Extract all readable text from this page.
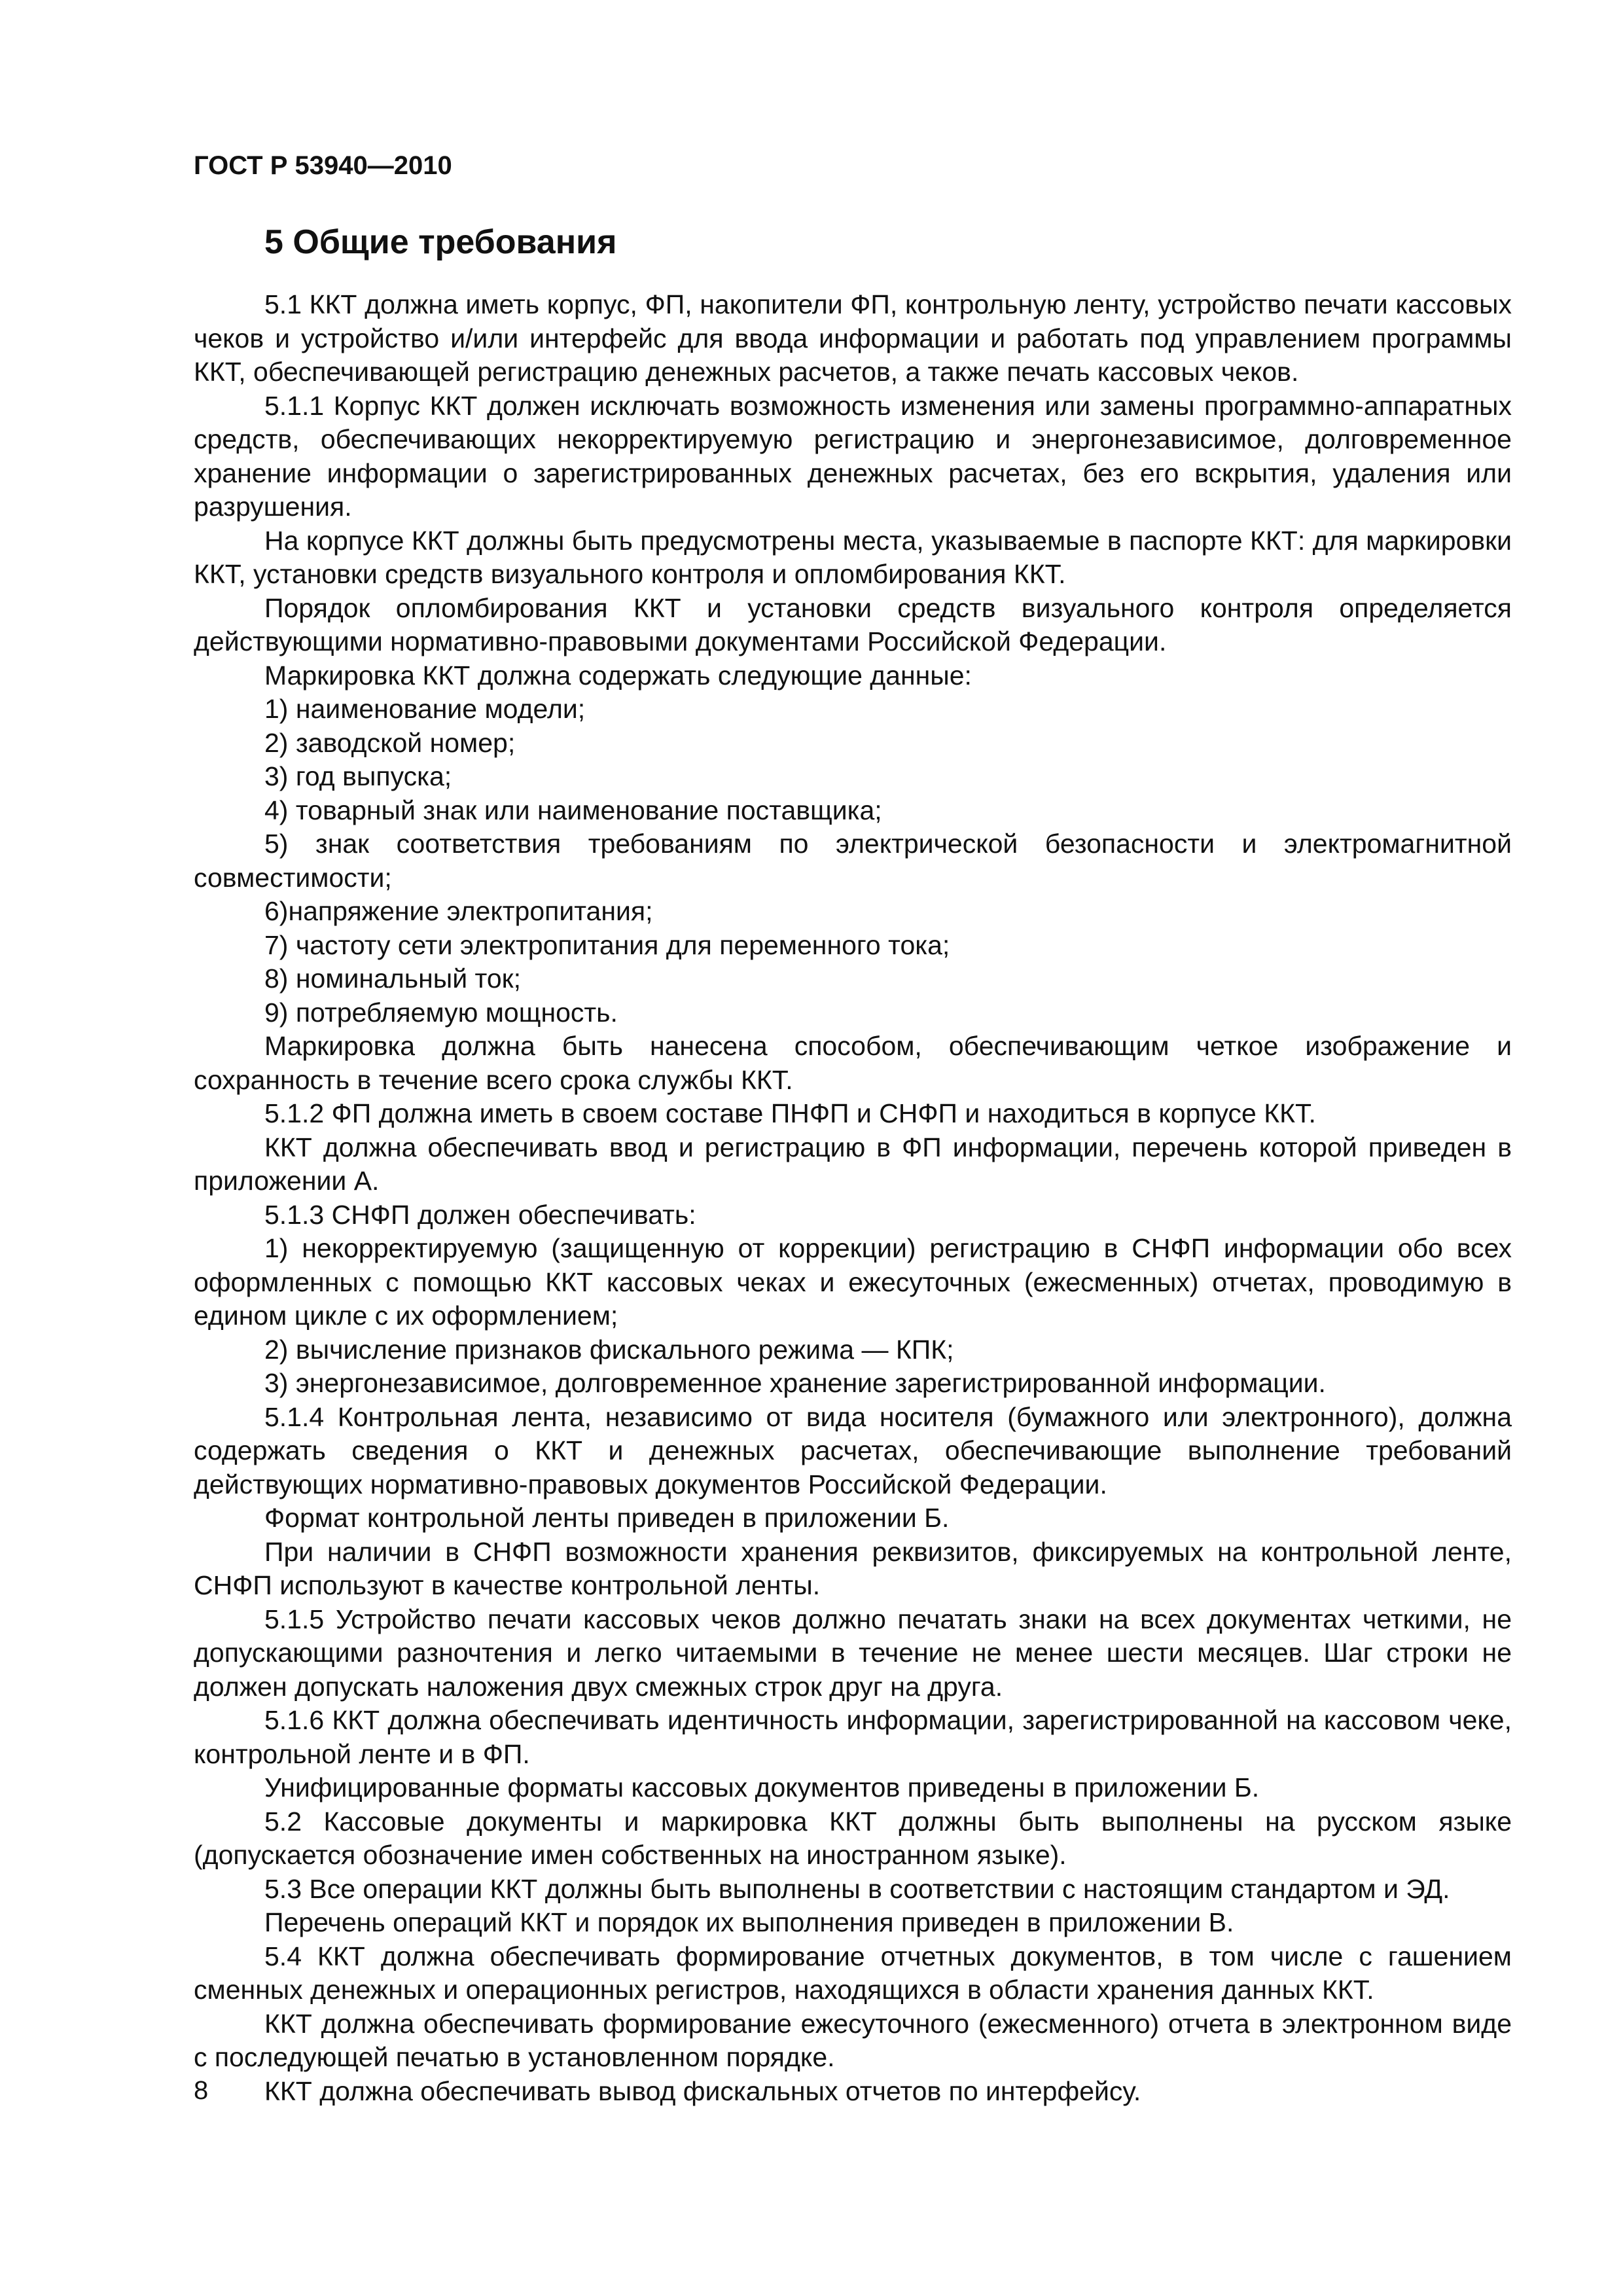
ГОСТ Р 53940—2010
5 Общие требования

5.1 ККТ должна иметь корпус, ФП, накопители ФП, контрольную ленту, устройство печати кассовых чеков и устройство и/или интерфейс для ввода информации и работать под управлением программы ККТ, обеспечивающей регистрацию денежных расчетов, а также печать кассовых чеков.

5.1.1 Корпус ККТ должен исключать возможность изменения или замены программно-аппаратных средств, обеспечивающих некорректируемую регистрацию и энергонезависимое, долговременное хранение информации о зарегистрированных денежных расчетах, без его вскрытия, удаления или разрушения.

На корпусе ККТ должны быть предусмотрены места, указываемые в паспорте ККТ: для маркировки ККТ, установки средств визуального контроля и опломбирования ККТ.

Порядок опломбирования ККТ и установки средств визуального контроля определяется действующими нормативно-правовыми документами Российской Федерации.

Маркировка ККТ должна содержать следующие данные:

1) наименование модели;

2) заводской номер;

3) год выпуска;

4) товарный знак или наименование поставщика;

5) знак соответствия требованиям по электрической безопасности и электромагнитной совместимости;

6)напряжение электропитания;

7) частоту сети электропитания для переменного тока;

8) номинальный ток;

9) потребляемую мощность.

Маркировка должна быть нанесена способом, обеспечивающим четкое изображение и сохранность в течение всего срока службы ККТ.

5.1.2 ФП должна иметь в своем составе ПНФП и СНФП и находиться в корпусе ККТ.

ККТ должна обеспечивать ввод и регистрацию в ФП информации, перечень которой приведен в приложении А.

5.1.3 СНФП должен обеспечивать:

1) некорректируемую (защищенную от коррекции) регистрацию в СНФП информации обо всех оформленных с помощью ККТ кассовых чеках и ежесуточных (ежесменных) отчетах, проводимую в едином цикле с их оформлением;

2) вычисление признаков фискального режима — КПК;

3) энергонезависимое, долговременное хранение зарегистрированной информации.

5.1.4 Контрольная лента, независимо от вида носителя (бумажного или электронного), должна содержать сведения о ККТ и денежных расчетах, обеспечивающие выполнение требований действующих нормативно-правовых документов Российской Федерации.

Формат контрольной ленты приведен в приложении Б.

При наличии в СНФП возможности хранения реквизитов, фиксируемых на контрольной ленте, СНФП используют в качестве контрольной ленты.

5.1.5 Устройство печати кассовых чеков должно печатать знаки на всех документах четкими, не допускающими разночтения и легко читаемыми в течение не менее шести месяцев. Шаг строки не должен допускать наложения двух смежных строк друг на друга.

5.1.6 ККТ должна обеспечивать идентичность информации, зарегистрированной на кассовом чеке, контрольной ленте и в ФП.

Унифицированные форматы кассовых документов приведены в приложении Б.

5.2 Кассовые документы и маркировка ККТ должны быть выполнены на русском языке (допускается обозначение имен собственных на иностранном языке).

5.3 Все операции ККТ должны быть выполнены в соответствии с настоящим стандартом и ЭД.

Перечень операций ККТ и порядок их выполнения приведен в приложении В.

5.4 ККТ должна обеспечивать формирование отчетных документов, в том числе с гашением сменных денежных и операционных регистров, находящихся в области хранения данных ККТ.

ККТ должна обеспечивать формирование ежесуточного (ежесменного) отчета в электронном виде с последующей печатью в установленном порядке.

ККТ должна обеспечивать вывод фискальных отчетов по интерфейсу.

8
